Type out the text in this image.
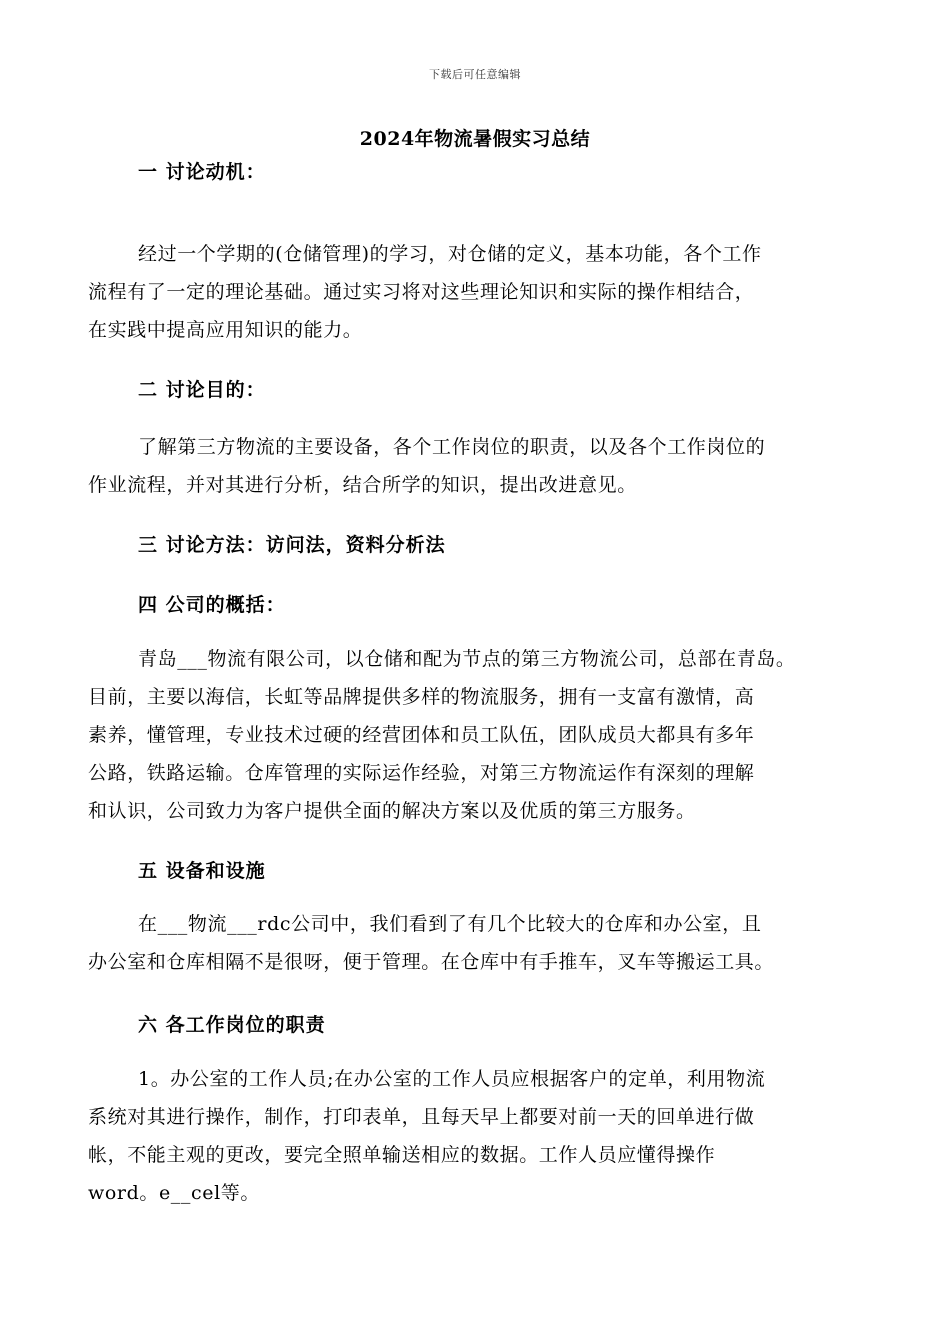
下载后可任意编辑
2024年物流暑假实习总结
一 讨论动机：
经过一个学期的(仓储管理)的学习，对仓储的定义，基本功能，各个工作
流程有了一定的理论基础。通过实习将对这些理论知识和实际的操作相结合，
在实践中提高应用知识的能力。
二 讨论目的：
了解第三方物流的主要设备，各个工作岗位的职责，以及各个工作岗位的
作业流程，并对其进行分析，结合所学的知识，提出改进意见。
三 讨论方法：访问法，资料分析法
四 公司的概括：
青岛___物流有限公司，以仓储和配为节点的第三方物流公司，总部在青岛。
目前，主要以海信，长虹等品牌提供多样的物流服务，拥有一支富有激情，高
素养，懂管理，专业技术过硬的经营团体和员工队伍，团队成员大都具有多年
公路，铁路运输。仓库管理的实际运作经验，对第三方物流运作有深刻的理解
和认识，公司致力为客户提供全面的解决方案以及优质的第三方服务。
五 设备和设施
在___物流___rdc公司中，我们看到了有几个比较大的仓库和办公室，且
办公室和仓库相隔不是很呀，便于管理。在仓库中有手推车，叉车等搬运工具。
六 各工作岗位的职责
1。办公室的工作人员;在办公室的工作人员应根据客户的定单，利用物流
系统对其进行操作，制作，打印表单，且每天早上都要对前一天的回单进行做
帐，不能主观的更改，要完全照单输送相应的数据。工作人员应懂得操作
word。e__cel等。
